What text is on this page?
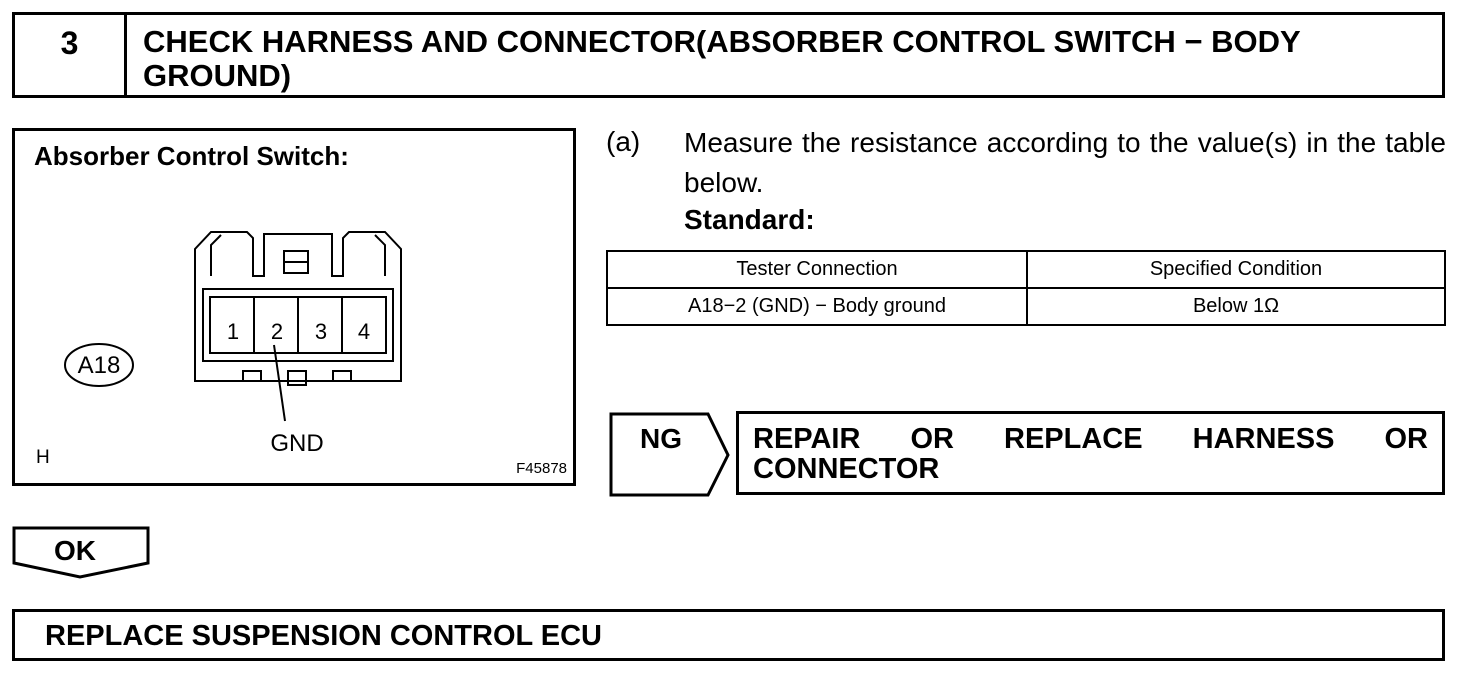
3	CHECK HARNESS AND CONNECTOR(ABSORBER CONTROL SWITCH − BODY
GROUND)
Absorber Control Switch:
1 2 3 4
A18
GND
H
F45878
(a) Measure the resistance according to the value(s) in the table below.
Standard:
Tester Connection	Specified Condition
A18−2 (GND) − Body ground	Below 1Ω
NG REPAIR OR REPLACE HARNESS OR
CONNECTOR
OK
REPLACE SUSPENSION CONTROL ECU
